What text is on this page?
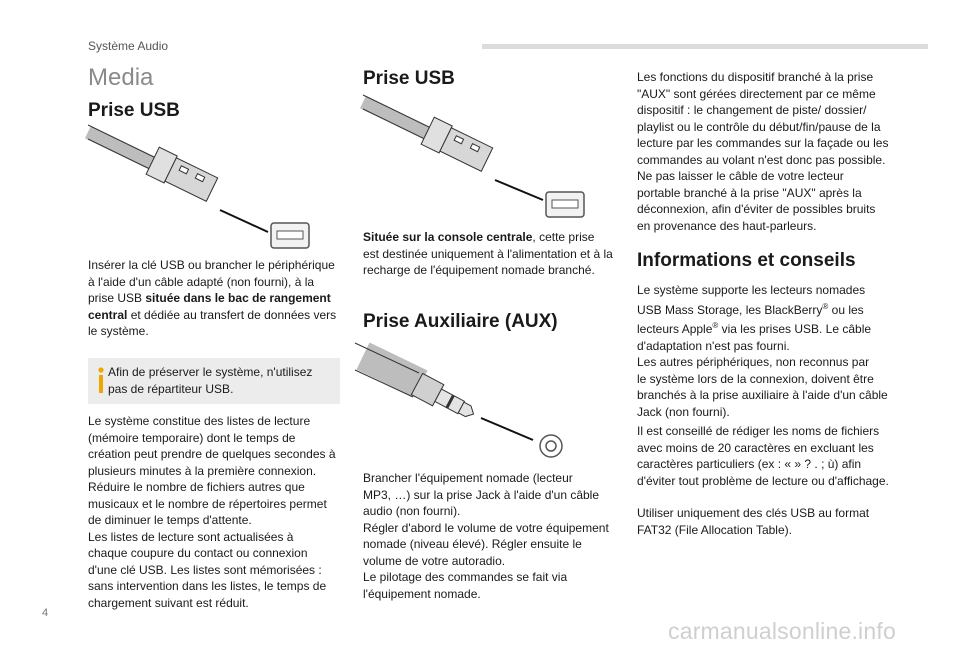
Système Audio
Media
Prise USB
Insérer la clé USB ou brancher le périphérique
à l'aide d'un câble adapté (non fourni), à la
prise USB située dans le bac de rangement
central et dédiée au transfert de données vers
le système.
Afin de préserver le système, n'utilisez
pas de répartiteur USB.
Le système constitue des listes de lecture
(mémoire temporaire) dont le temps de
création peut prendre de quelques secondes à
plusieurs minutes à la première connexion.
Réduire le nombre de fichiers autres que
musicaux et le nombre de répertoires permet
de diminuer le temps d'attente.
Les listes de lecture sont actualisées à
chaque coupure du contact ou connexion
d'une clé USB. Les listes sont mémorisées :
sans intervention dans les listes, le temps de
chargement suivant est réduit.
Prise USB
Située sur la console centrale, cette prise
est destinée uniquement à l'alimentation et à la
recharge de l'équipement nomade branché.
Prise Auxiliaire (AUX)
Brancher l'équipement nomade (lecteur
MP3, …) sur la prise Jack à l'aide d'un câble
audio (non fourni).
Régler d'abord le volume de votre équipement
nomade (niveau élevé). Régler ensuite le
volume de votre autoradio.
Le pilotage des commandes se fait via
l'équipement nomade.
Les fonctions du dispositif branché à la prise
"AUX" sont gérées directement par ce même
dispositif : le changement de piste/ dossier/
playlist ou le contrôle du début/fin/pause de la
lecture par les commandes sur la façade ou les
commandes au volant n'est donc pas possible.
Ne pas laisser le câble de votre lecteur
portable branché à la prise "AUX" après la
déconnexion, afin d'éviter de possibles bruits
en provenance des haut-parleurs.
Informations et conseils
Le système supporte les lecteurs nomades
USB Mass Storage, les BlackBerry® ou les
lecteurs Apple® via les prises USB. Le câble
d'adaptation n'est pas fourni.
Les autres périphériques, non reconnus par
le système lors de la connexion, doivent être
branchés à la prise auxiliaire à l'aide d'un câble
Jack (non fourni).
Il est conseillé de rédiger les noms de fichiers
avec moins de 20 caractères en excluant les
caractères particuliers (ex : « » ? . ; ù) afin
d'éviter tout problème de lecture ou d'affichage.
Utiliser uniquement des clés USB au format
FAT32 (File Allocation Table).
4
carmanualsonline.info
